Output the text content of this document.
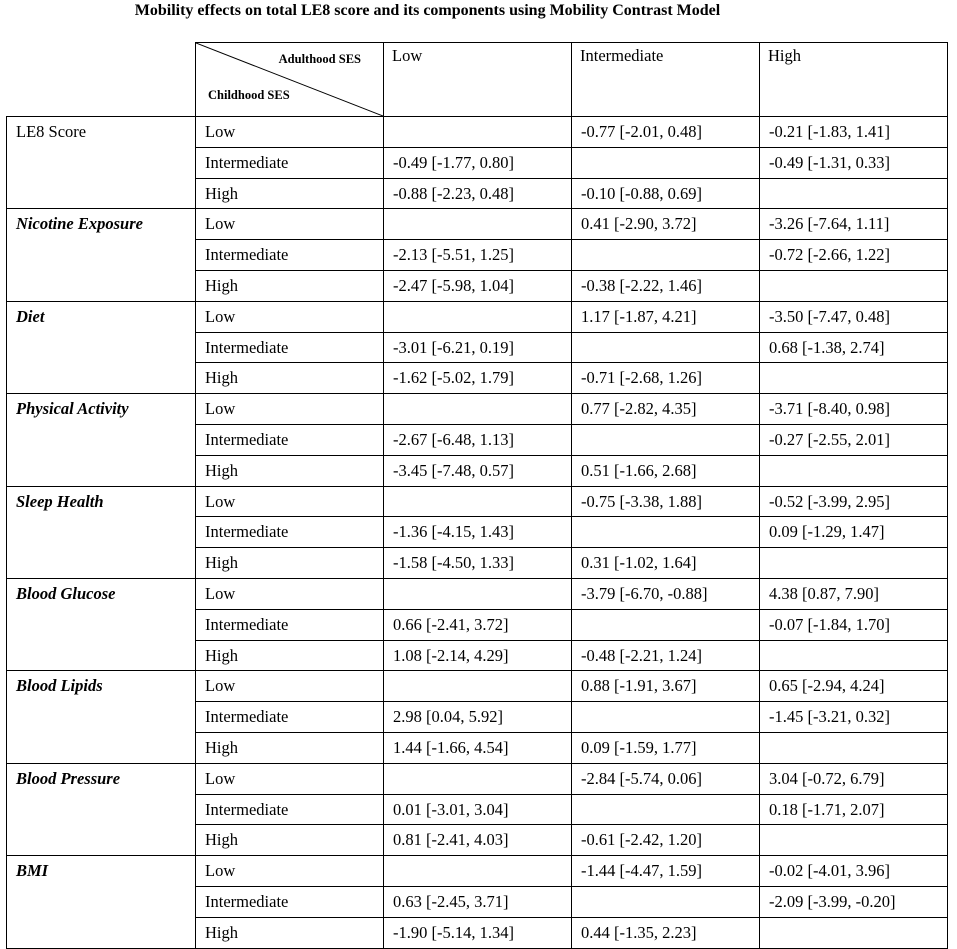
Mobility effects on total LE8 score and its components using Mobility Contrast Model

	Adulthood SES
Childhood SES	Low	Intermediate	High
LE8 Score	Low		-0.77 [-2.01, 0.48]	-0.21 [-1.83, 1.41]
	Intermediate	-0.49 [-1.77, 0.80]		-0.49 [-1.31, 0.33]
	High	-0.88 [-2.23, 0.48]	-0.10 [-0.88, 0.69]	
Nicotine Exposure	Low		0.41 [-2.90, 3.72]	-3.26 [-7.64, 1.11]
	Intermediate	-2.13 [-5.51, 1.25]		-0.72 [-2.66, 1.22]
	High	-2.47 [-5.98, 1.04]	-0.38 [-2.22, 1.46]	
Diet	Low		1.17 [-1.87, 4.21]	-3.50 [-7.47, 0.48]
	Intermediate	-3.01 [-6.21, 0.19]		0.68 [-1.38, 2.74]
	High	-1.62 [-5.02, 1.79]	-0.71 [-2.68, 1.26]	
Physical Activity	Low		0.77 [-2.82, 4.35]	-3.71 [-8.40, 0.98]
	Intermediate	-2.67 [-6.48, 1.13]		-0.27 [-2.55, 2.01]
	High	-3.45 [-7.48, 0.57]	0.51 [-1.66, 2.68]	
Sleep Health	Low		-0.75 [-3.38, 1.88]	-0.52 [-3.99, 2.95]
	Intermediate	-1.36 [-4.15, 1.43]		0.09 [-1.29, 1.47]
	High	-1.58 [-4.50, 1.33]	0.31 [-1.02, 1.64]	
Blood Glucose	Low		-3.79 [-6.70, -0.88]	4.38 [0.87, 7.90]
	Intermediate	0.66 [-2.41, 3.72]		-0.07 [-1.84, 1.70]
	High	1.08 [-2.14, 4.29]	-0.48 [-2.21, 1.24]	
Blood Lipids	Low		0.88 [-1.91, 3.67]	0.65 [-2.94, 4.24]
	Intermediate	2.98 [0.04, 5.92]		-1.45 [-3.21, 0.32]
	High	1.44 [-1.66, 4.54]	0.09 [-1.59, 1.77]	
Blood Pressure	Low		-2.84 [-5.74, 0.06]	3.04 [-0.72, 6.79]
	Intermediate	0.01 [-3.01, 3.04]		0.18 [-1.71, 2.07]
	High	0.81 [-2.41, 4.03]	-0.61 [-2.42, 1.20]	
BMI	Low		-1.44 [-4.47, 1.59]	-0.02 [-4.01, 3.96]
	Intermediate	0.63 [-2.45, 3.71]		-2.09 [-3.99, -0.20]
	High	-1.90 [-5.14, 1.34]	0.44 [-1.35, 2.23]	
